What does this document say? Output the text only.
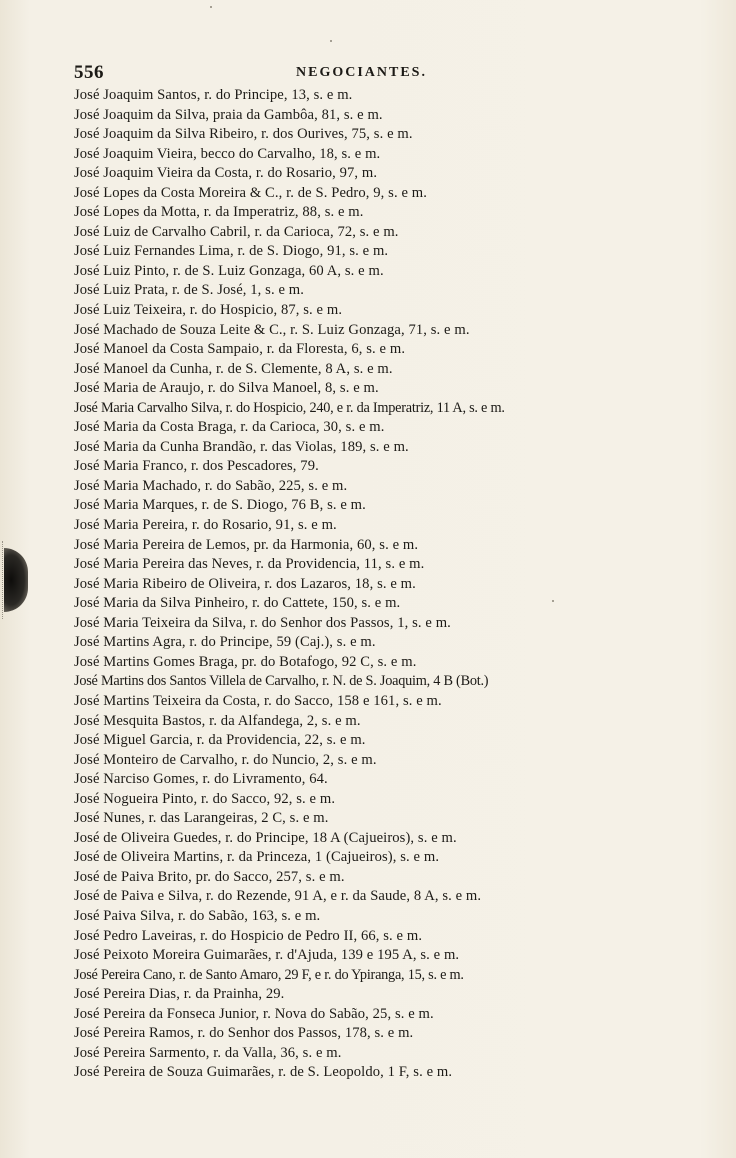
556	NEGOCIANTES.
José Joaquim Santos, r. do Principe, 13, s. e m.
José Joaquim da Silva, praia da Gambôa, 81, s. e m.
José Joaquim da Silva Ribeiro, r. dos Ourives, 75, s. e m.
José Joaquim Vieira, becco do Carvalho, 18, s. e m.
José Joaquim Vieira da Costa, r. do Rosario, 97, m.
José Lopes da Costa Moreira & C., r. de S. Pedro, 9, s. e m.
José Lopes da Motta, r. da Imperatriz, 88, s. e m.
José Luiz de Carvalho Cabril, r. da Carioca, 72, s. e m.
José Luiz Fernandes Lima, r. de S. Diogo, 91, s. e m.
José Luiz Pinto, r. de S. Luiz Gonzaga, 60 A, s. e m.
José Luiz Prata, r. de S. José, 1, s. e m.
José Luiz Teixeira, r. do Hospicio, 87, s. e m.
José Machado de Souza Leite & C., r. S. Luiz Gonzaga, 71, s. e m.
José Manoel da Costa Sampaio, r. da Floresta, 6, s. e m.
José Manoel da Cunha, r. de S. Clemente, 8 A, s. e m.
José Maria de Araujo, r. do Silva Manoel, 8, s. e m.
José Maria Carvalho Silva, r. do Hospicio, 240, e r. da Imperatriz, 11 A, s. e m.
José Maria da Costa Braga, r. da Carioca, 30, s. e m.
José Maria da Cunha Brandão, r. das Violas, 189, s. e m.
José Maria Franco, r. dos Pescadores, 79.
José Maria Machado, r. do Sabão, 225, s. e m.
José Maria Marques, r. de S. Diogo, 76 B, s. e m.
José Maria Pereira, r. do Rosario, 91, s. e m.
José Maria Pereira de Lemos, pr. da Harmonia, 60, s. e m.
José Maria Pereira das Neves, r. da Providencia, 11, s. e m.
José Maria Ribeiro de Oliveira, r. dos Lazaros, 18, s. e m.
José Maria da Silva Pinheiro, r. do Cattete, 150, s. e m.
José Maria Teixeira da Silva, r. do Senhor dos Passos, 1, s. e m.
José Martins Agra, r. do Principe, 59 (Caj.), s. e m.
José Martins Gomes Braga, pr. do Botafogo, 92 C, s. e m.
José Martins dos Santos Villela de Carvalho, r. N. de S. Joaquim, 4 B (Bot.)
José Martins Teixeira da Costa, r. do Sacco, 158 e 161, s. e m.
José Mesquita Bastos, r. da Alfandega, 2, s. e m.
José Miguel Garcia, r. da Providencia, 22, s. e m.
José Monteiro de Carvalho, r. do Nuncio, 2, s. e m.
José Narciso Gomes, r. do Livramento, 64.
José Nogueira Pinto, r. do Sacco, 92, s. e m.
José Nunes, r. das Larangeiras, 2 C, s. e m.
José de Oliveira Guedes, r. do Principe, 18 A (Cajueiros), s. e m.
José de Oliveira Martins, r. da Princeza, 1 (Cajueiros), s. e m.
José de Paiva Brito, pr. do Sacco, 257, s. e m.
José de Paiva e Silva, r. do Rezende, 91 A, e r. da Saude, 8 A, s. e m.
José Paiva Silva, r. do Sabão, 163, s. e m.
José Pedro Laveiras, r. do Hospicio de Pedro II, 66, s. e m.
José Peixoto Moreira Guimarães, r. d'Ajuda, 139 e 195 A, s. e m.
José Pereira Cano, r. de Santo Amaro, 29 F, e r. do Ypiranga, 15, s. e m.
José Pereira Dias, r. da Prainha, 29.
José Pereira da Fonseca Junior, r. Nova do Sabão, 25, s. e m.
José Pereira Ramos, r. do Senhor dos Passos, 178, s. e m.
José Pereira Sarmento, r. da Valla, 36, s. e m.
José Pereira de Souza Guimarães, r. de S. Leopoldo, 1 F, s. e m.
